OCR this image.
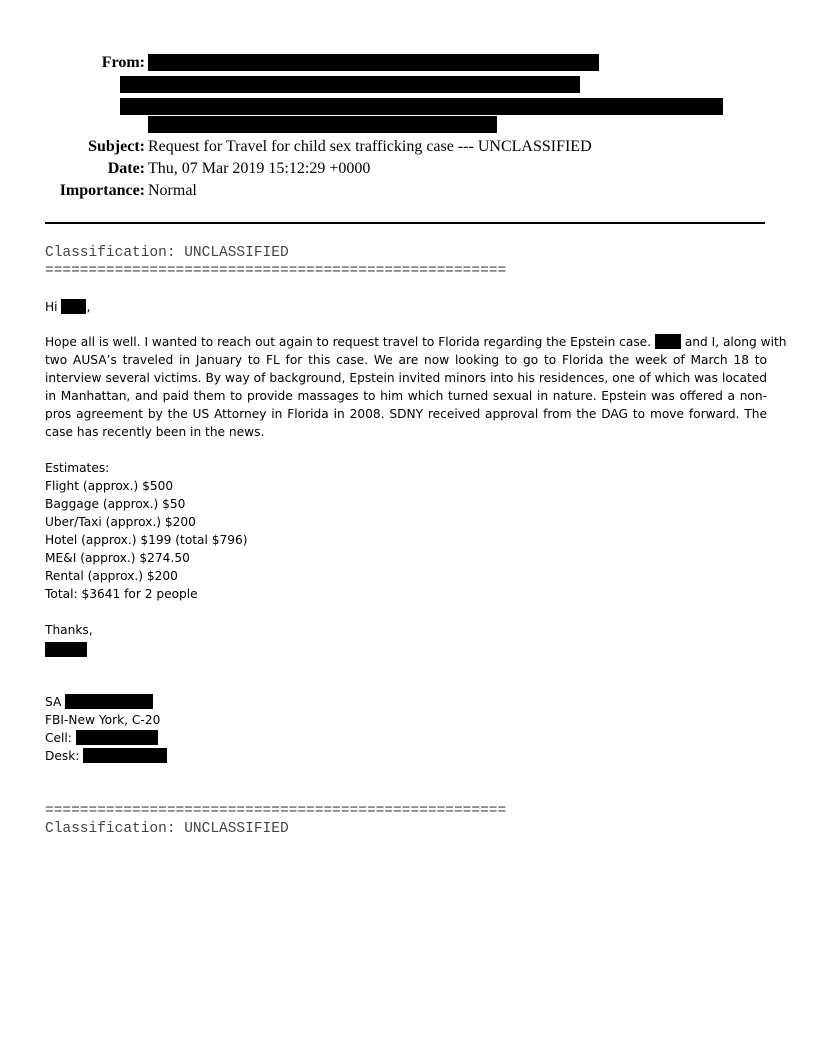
From:
Subject: Request for Travel for child sex trafficking case --- UNCLASSIFIED
Date: Thu, 07 Mar 2019 15:12:29 +0000
Importance: Normal
Classification: UNCLASSIFIED
=====================================================
Hi ,
Hope all is well. I wanted to reach out again to request travel to Florida regarding the Epstein case.	and I, along with
two AUSA’s traveled in January to FL for this case. We are now looking to go to Florida the week of March 18 to interview several victims. By way of background, Epstein invited minors into his residences, one of which was located in Manhattan, and paid them to provide massages to him which turned sexual in nature. Epstein was offered a non-pros agreement by the US Attorney in Florida in 2008. SDNY received approval from the DAG to move forward. The case has recently been in the news.
Estimates:
Flight (approx.) $500
Baggage (approx.) $50
Uber/Taxi (approx.) $200
Hotel (approx.) $199 (total $796)
ME&I (approx.) $274.50
Rental (approx.) $200
Total: $3641 for 2 people
Thanks,
SA
FBI-New York, C-20
Cell:
Desk:
=====================================================
Classification: UNCLASSIFIED
